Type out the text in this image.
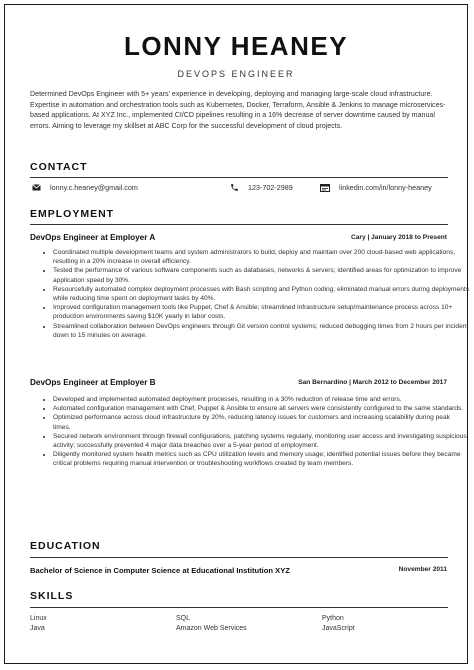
LONNY HEANEY
DEVOPS ENGINEER
Determined DevOps Engineer with 5+ years' experience in developing, deploying and managing large-scale cloud infrastructure. Expertise in automation and orchestration tools such as Kubernetes, Docker, Terraform, Ansible & Jenkins to manage microservices-based applications. At XYZ Inc., implemented CI/CD pipelines resulting in a 16% decrease of server downtime caused by manual errors. Aiming to leverage my skillset at ABC Corp for the successful development of cloud projects.
CONTACT
lonny.c.heaney@gmail.com	123-702-2989	linkedin.com/in/lonny-heaney
EMPLOYMENT
DevOps Engineer at Employer A	Cary | January 2018 to Present
• Coordinated multiple development teams and system administrators to build, deploy and maintain over 200 cloud-based web applications, resulting in a 20% increase in overall efficiency.
• Tested the performance of various software components such as databases, networks & servers; identified areas for optimization to improve application speed by 30%.
• Resourcefully automated complex deployment processes with Bash scripting and Python coding; eliminated manual errors during deployments while reducing time spent on deployment tasks by 40%.
• Improved configuration management tools like Puppet, Chef & Ansible; streamlined infrastructure setup/maintenance process across 10+ production environments saving $10K yearly in labor costs.
• Streamlined collaboration between DevOps engineers through Git version control systems; reduced debugging times from 2 hours per incident down to 15 minutes on average.
DevOps Engineer at Employer B	San Bernardino | March 2012 to December 2017
• Developed and implemented automated deployment processes, resulting in a 30% reduction of release time and errors.
• Automated configuration management with Chef, Puppet & Ansible to ensure all servers were consistently configured to the same standards.
• Optimized performance across cloud infrastructure by 20%, reducing latency issues for customers and increasing scalability during peak times.
• Secured network environment through firewall configurations, patching systems regularly, monitoring user access and investigating suspicious activity; successfully prevented 4 major data breaches over a 5-year period of employment.
• Diligently monitored system health metrics such as CPU utilization levels and memory usage; identified potential issues before they became critical problems requiring manual intervention or troubleshooting workflows created by team members.
EDUCATION
Bachelor of Science in Computer Science at Educational Institution XYZ	November 2011
SKILLS
Linux	SQL	Python
Java	Amazon Web Services	JavaScript
